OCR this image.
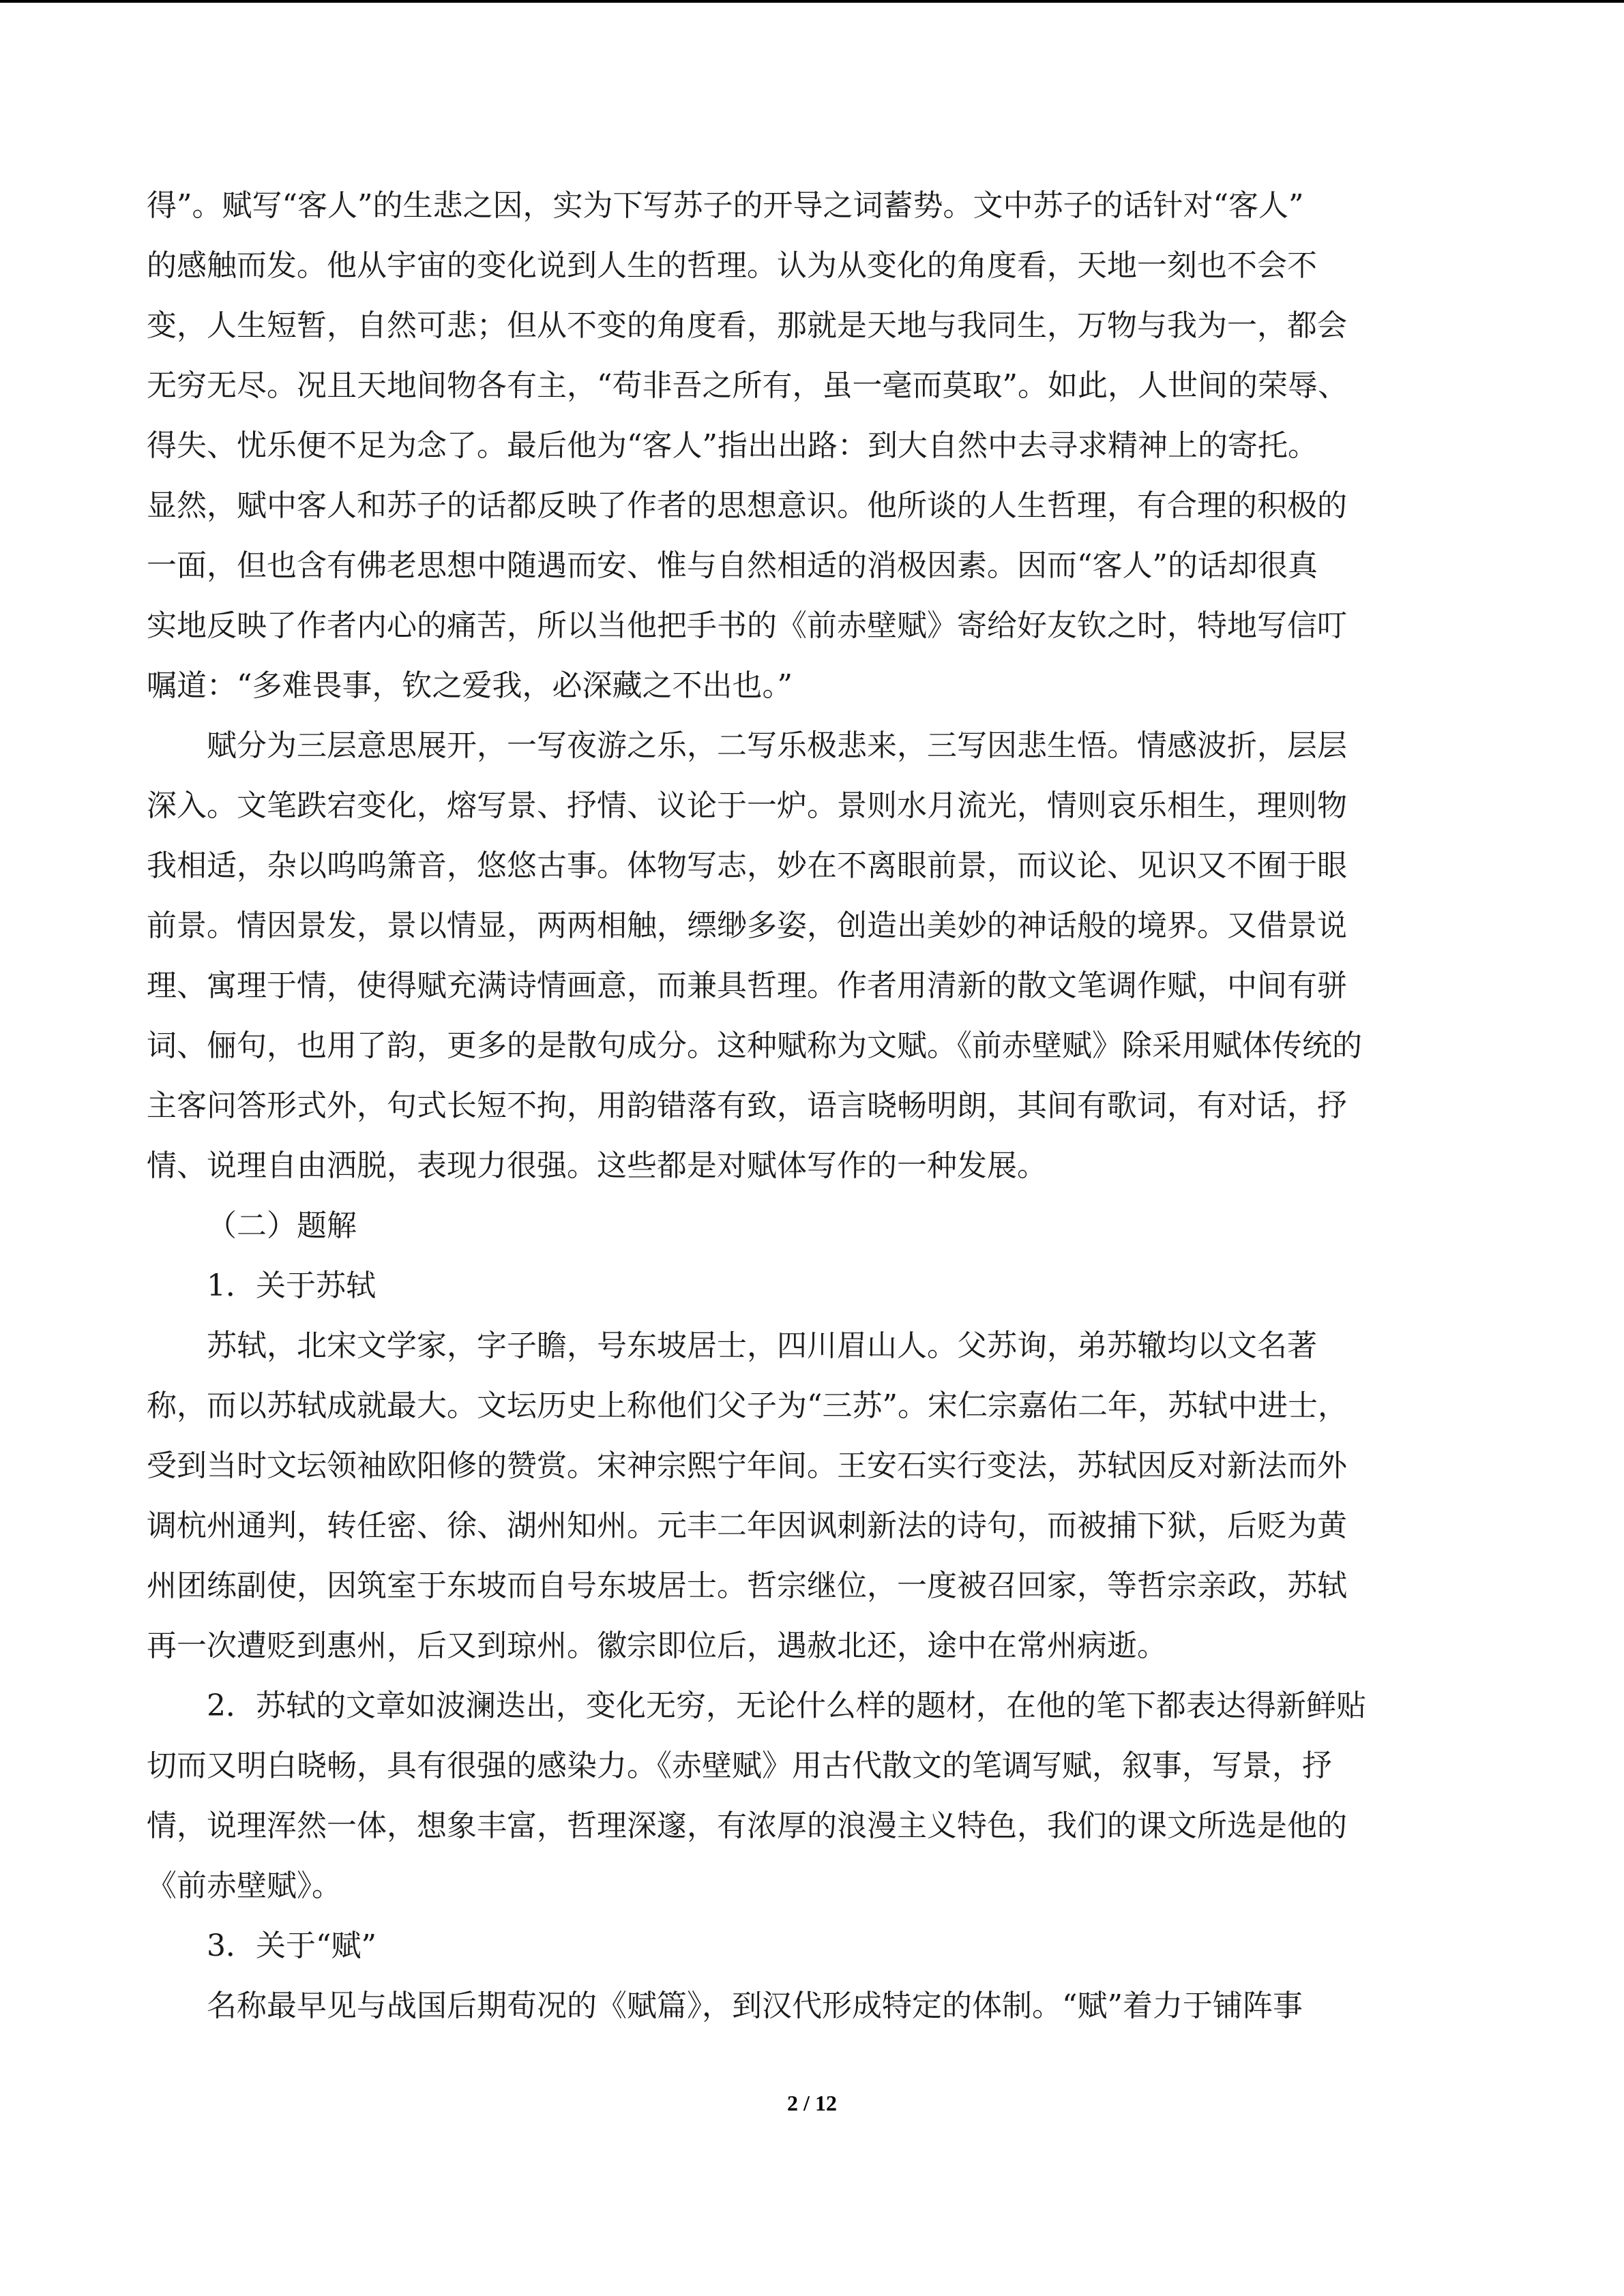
得”。赋写“客人”的生悲之因，实为下写苏子的开导之词蓄势。文中苏子的话针对“客人”
的感触而发。他从宇宙的变化说到人生的哲理。认为从变化的角度看，天地一刻也不会不
变，人生短暂，自然可悲；但从不变的角度看，那就是天地与我同生，万物与我为一，都会
无穷无尽。况且天地间物各有主，“苟非吾之所有，虽一毫而莫取”。如此，人世间的荣辱、
得失、忧乐便不足为念了。最后他为“客人”指出出路：到大自然中去寻求精神上的寄托。
显然，赋中客人和苏子的话都反映了作者的思想意识。他所谈的人生哲理，有合理的积极的
一面，但也含有佛老思想中随遇而安、惟与自然相适的消极因素。因而“客人”的话却很真
实地反映了作者内心的痛苦，所以当他把手书的《前赤壁赋》寄给好友钦之时，特地写信叮
嘱道：“多难畏事，钦之爱我，必深藏之不出也。”
赋分为三层意思展开，一写夜游之乐，二写乐极悲来，三写因悲生悟。情感波折，层层
深入。文笔跌宕变化，熔写景、抒情、议论于一炉。景则水月流光，情则哀乐相生，理则物
我相适，杂以呜呜箫音，悠悠古事。体物写志，妙在不离眼前景，而议论、见识又不囿于眼
前景。情因景发，景以情显，两两相触，缥缈多姿，创造出美妙的神话般的境界。又借景说
理、寓理于情，使得赋充满诗情画意，而兼具哲理。作者用清新的散文笔调作赋，中间有骈
词、俪句，也用了韵，更多的是散句成分。这种赋称为文赋。《前赤壁赋》除采用赋体传统的
主客问答形式外，句式长短不拘，用韵错落有致，语言晓畅明朗，其间有歌词，有对话，抒
情、说理自由洒脱，表现力很强。这些都是对赋体写作的一种发展。
（二）题解
1．关于苏轼
苏轼，北宋文学家，字子瞻，号东坡居士，四川眉山人。父苏询，弟苏辙均以文名著
称，而以苏轼成就最大。文坛历史上称他们父子为“三苏”。宋仁宗嘉佑二年，苏轼中进士，
受到当时文坛领袖欧阳修的赞赏。宋神宗熙宁年间。王安石实行变法，苏轼因反对新法而外
调杭州通判，转任密、徐、湖州知州。元丰二年因讽刺新法的诗句，而被捕下狱，后贬为黄
州团练副使，因筑室于东坡而自号东坡居士。哲宗继位，一度被召回家，等哲宗亲政，苏轼
再一次遭贬到惠州，后又到琼州。徽宗即位后，遇赦北还，途中在常州病逝。
2．苏轼的文章如波澜迭出，变化无穷，无论什么样的题材，在他的笔下都表达得新鲜贴
切而又明白晓畅，具有很强的感染力。《赤壁赋》用古代散文的笔调写赋，叙事，写景，抒
情，说理浑然一体，想象丰富，哲理深邃，有浓厚的浪漫主义特色，我们的课文所选是他的
《前赤壁赋》。
3．关于“赋”
名称最早见与战国后期荀况的《赋篇》，到汉代形成特定的体制。“赋”着力于铺阵事
2 / 12
